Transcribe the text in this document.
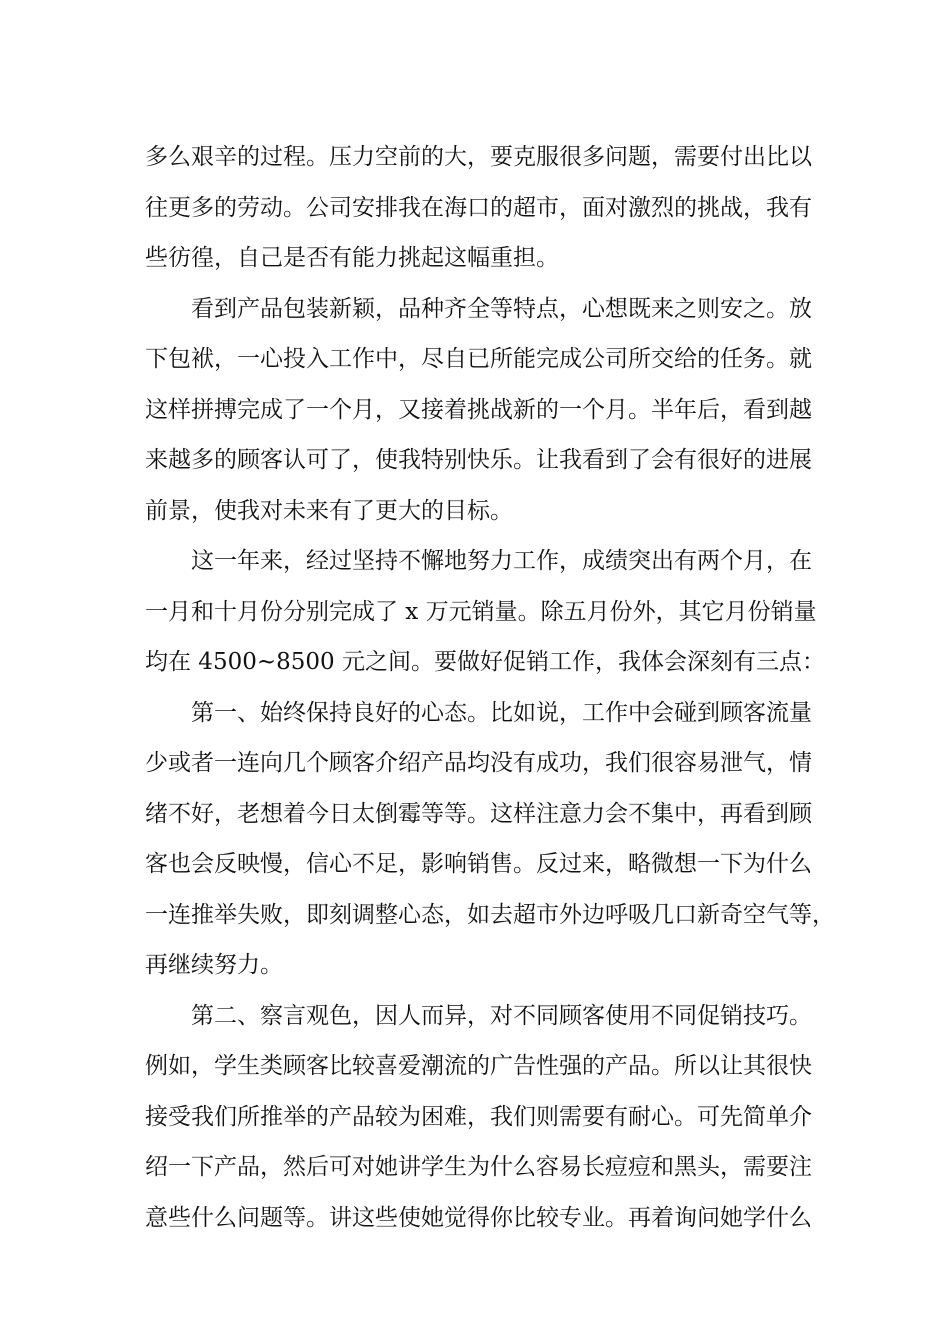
多么艰辛的过程。压力空前的大，要克服很多问题，需要付出比以
往更多的劳动。公司安排我在海口的超市，面对激烈的挑战，我有
些彷徨，自己是否有能力挑起这幅重担。

看到产品包装新颖，品种齐全等特点，心想既来之则安之。放
下包袱，一心投入工作中，尽自已所能完成公司所交给的任务。就
这样拼搏完成了一个月，又接着挑战新的一个月。半年后，看到越
来越多的顾客认可了，使我特别快乐。让我看到了会有很好的进展
前景，使我对未来有了更大的目标。

这一年来，经过坚持不懈地努力工作，成绩突出有两个月，在
一月和十月份分别完成了 x 万元销量。除五月份外，其它月份销量
均在 4500~8500 元之间。要做好促销工作，我体会深刻有三点：

第一、始终保持良好的心态。比如说，工作中会碰到顾客流量
少或者一连向几个顾客介绍产品均没有成功，我们很容易泄气，情
绪不好，老想着今日太倒霉等等。这样注意力会不集中，再看到顾
客也会反映慢，信心不足，影响销售。反过来，略微想一下为什么
一连推举失败，即刻调整心态，如去超市外边呼吸几口新奇空气等，
再继续努力。

第二、察言观色，因人而异，对不同顾客使用不同促销技巧。
例如，学生类顾客比较喜爱潮流的广告性强的产品。所以让其很快
接受我们所推举的产品较为困难，我们则需要有耐心。可先简单介
绍一下产品，然后可对她讲学生为什么容易长痘痘和黑头，需要注
意些什么问题等。讲这些使她觉得你比较专业。再着询问她学什么
